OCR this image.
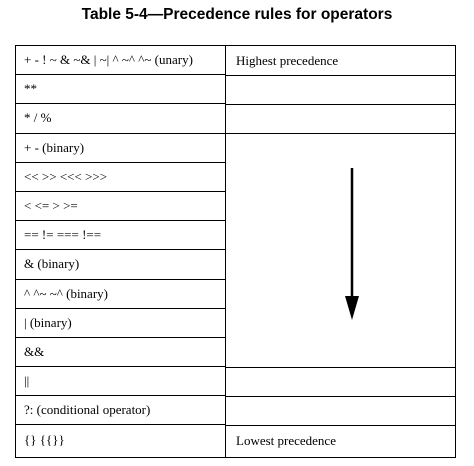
Table 5-4—Precedence rules for operators
+ - ! ~ & ~& | ~| ^ ~^ ^~ (unary)
**
* / %
+ - (binary)
<< >> <<< >>>
< <= > >=
== != === !==
& (binary)
^ ^~ ~^ (binary)
| (binary)
&&
||
?: (conditional operator)
{} {{}}
Highest precedence
Lowest precedence
